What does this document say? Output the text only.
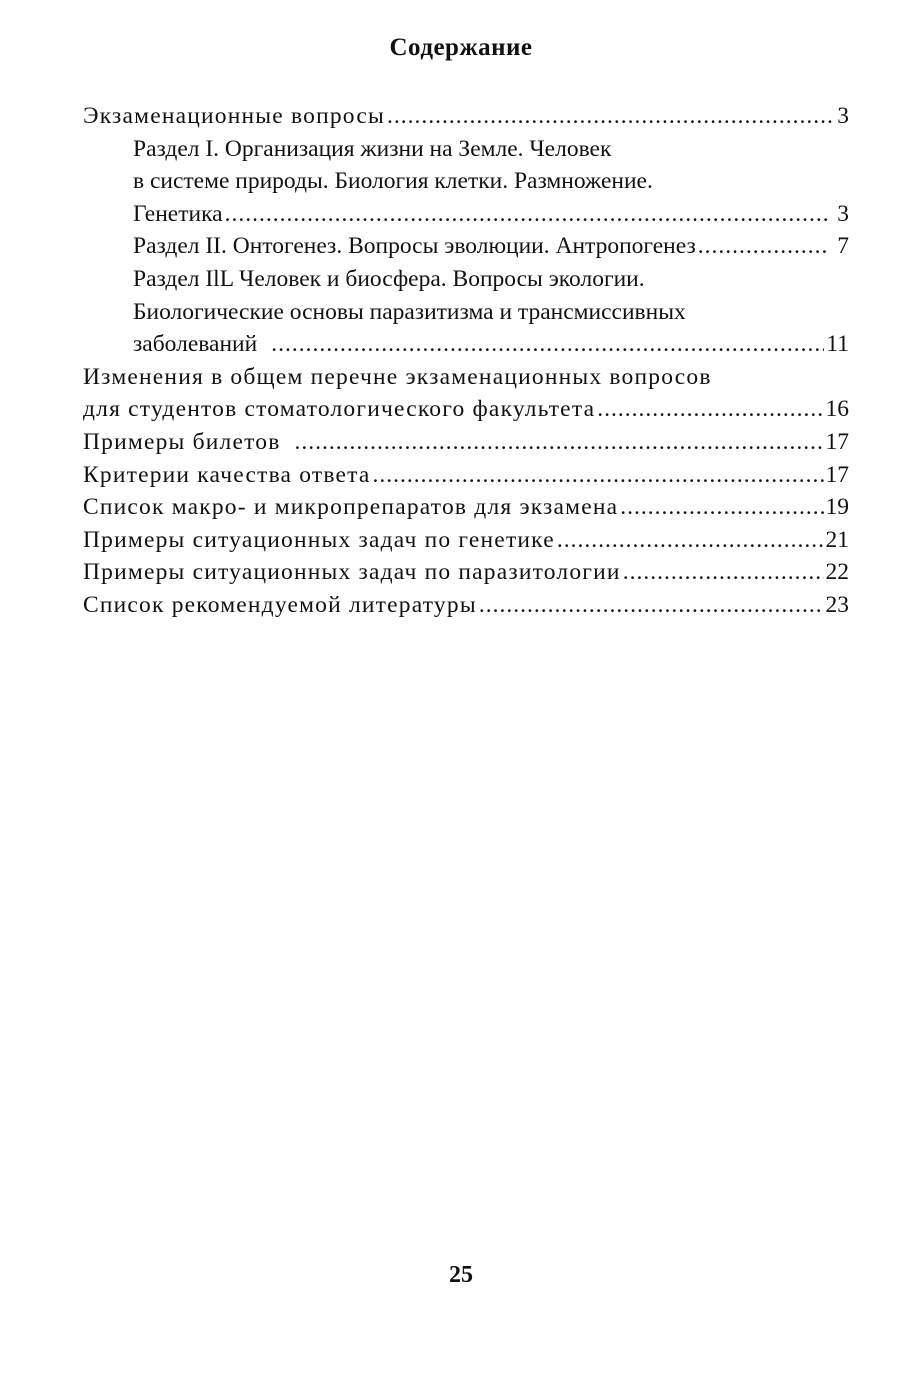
Содержание
Экзаменационные вопросы .....	3
Раздел I. Организация жизни на Земле. Человек
в системе природы. Биология клетки. Размножение.
Генетика .....	3
Раздел II. Онтогенез. Вопросы эволюции. Антропогенез .....	7
Раздел IlL Человек и биосфера. Вопросы экологии.
Биологические основы паразитизма и трансмиссивных
заболеваний .....	11
Изменения в общем перечне экзаменационных вопросов
для студентов стоматологического факультета .....	16
Примеры билетов .....	17
Критерии качества ответа .....	17
Список макро- и микропрепаратов для экзамена .....	19
Примеры ситуационных задач по генетике .....	21
Примеры ситуационных задач по паразитологии .....	22
Список рекомендуемой литературы .....	23
25
